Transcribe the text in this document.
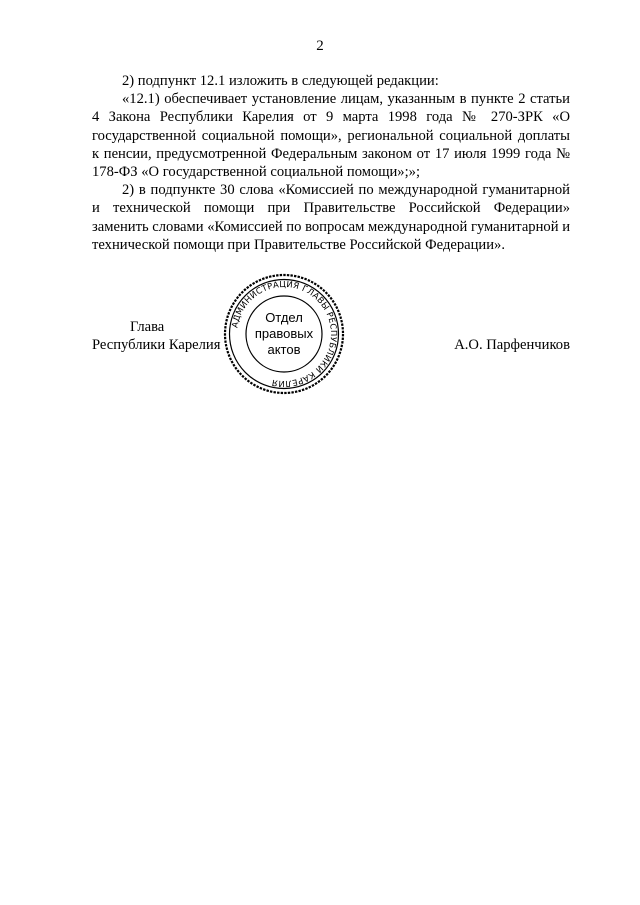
2

2) подпункт 12.1 изложить в следующей редакции:

«12.1) обеспечивает установление лицам, указанным в пункте 2 статьи 4 Закона Республики Карелия от 9 марта 1998 года № 270-ЗРК «О государственной социальной помощи», региональной социальной доплаты к пенсии, предусмотренной Федеральным законом от 17 июля 1999 года № 178-ФЗ «О государственной социальной помощи»;»;

2) в подпункте 30 слова «Комиссией по международной гуманитарной и технической помощи при Правительстве Российской Федерации» заменить словами «Комиссией по вопросам международной гуманитарной и технической помощи при Правительстве Российской Федерации».

Глава
Республики Карелия
АДМИНИСТРАЦИЯ ГЛАВЫ РЕСПУБЛИКИ КАРЕЛИЯ
Отдел
правовых
актов	А.О. Парфенчиков
